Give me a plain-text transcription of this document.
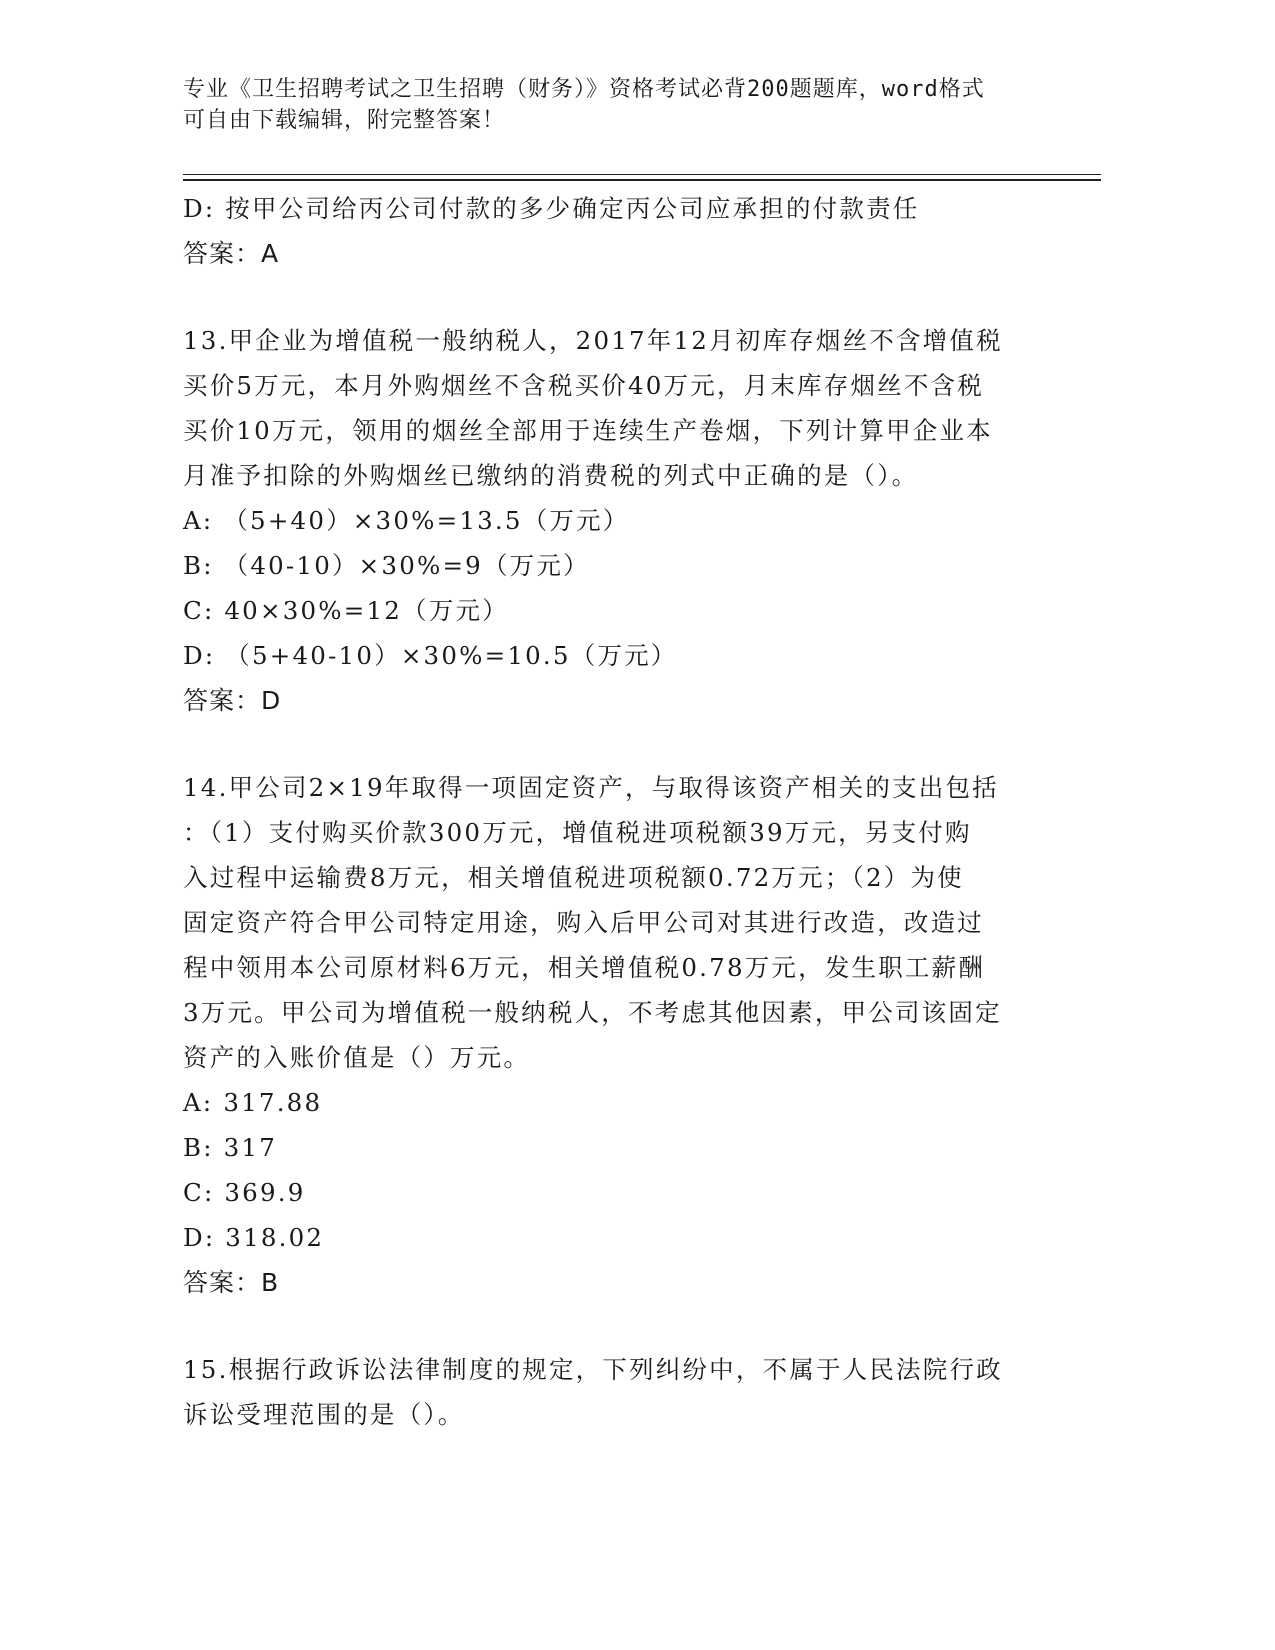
专业《卫生招聘考试之卫生招聘（财务）》资格考试必背200题题库，word格式
可自由下载编辑，附完整答案！
D: 按甲公司给丙公司付款的多少确定丙公司应承担的付款责任
答案：A
13.甲企业为增值税一般纳税人，2017年12月初库存烟丝不含增值税
买价5万元，本月外购烟丝不含税买价40万元，月末库存烟丝不含税
买价10万元，领用的烟丝全部用于连续生产卷烟，下列计算甲企业本
月准予扣除的外购烟丝已缴纳的消费税的列式中正确的是（）。
A: （5+40）×30%=13.5（万元）
B: （40-10）×30%=9（万元）
C: 40×30%=12（万元）
D: （5+40-10）×30%=10.5（万元）
答案：D
14.甲公司2×19年取得一项固定资产，与取得该资产相关的支出包括
：（1）支付购买价款300万元，增值税进项税额39万元，另支付购
入过程中运输费8万元，相关增值税进项税额0.72万元；（2）为使
固定资产符合甲公司特定用途，购入后甲公司对其进行改造，改造过
程中领用本公司原材料6万元，相关增值税0.78万元，发生职工薪酬
3万元。甲公司为增值税一般纳税人，不考虑其他因素，甲公司该固定
资产的入账价值是（）万元。
A: 317.88
B: 317
C: 369.9
D: 318.02
答案：B
15.根据行政诉讼法律制度的规定，下列纠纷中，不属于人民法院行政
诉讼受理范围的是（）。
